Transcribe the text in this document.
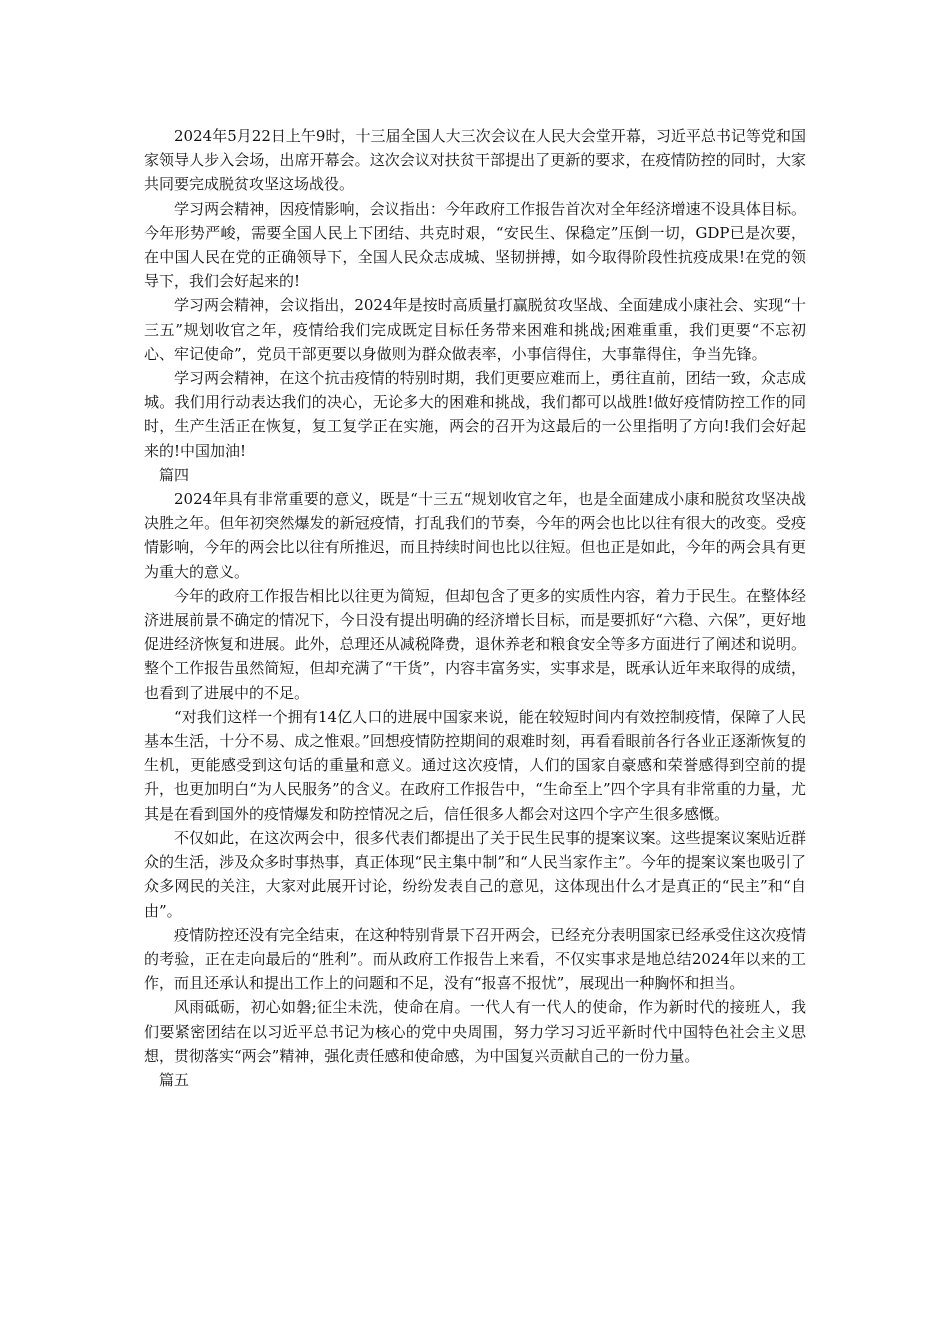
2024年5月22日上午9时，十三届全国人大三次会议在人民大会堂开幕，习近平总书记等党和国家领导人步入会场，出席开幕会。这次会议对扶贫干部提出了更新的要求，在疫情防控的同时，大家共同要完成脱贫攻坚这场战役。

学习两会精神，因疫情影响，会议指出：今年政府工作报告首次对全年经济增速不设具体目标。今年形势严峻，需要全国人民上下团结、共克时艰，“安民生、保稳定”压倒一切，GDP已是次要，在中国人民在党的正确领导下，全国人民众志成城、坚韧拼搏，如今取得阶段性抗疫成果!在党的领导下，我们会好起来的!

学习两会精神，会议指出，2024年是按时高质量打赢脱贫攻坚战、全面建成小康社会、实现“十三五”规划收官之年，疫情给我们完成既定目标任务带来困难和挑战;困难重重，我们更要“不忘初心、牢记使命”，党员干部更要以身做则为群众做表率，小事信得住，大事靠得住，争当先锋。

学习两会精神，在这个抗击疫情的特别时期，我们更要应难而上，勇往直前，团结一致，众志成城。我们用行动表达我们的决心，无论多大的困难和挑战，我们都可以战胜!做好疫情防控工作的同时，生产生活正在恢复，复工复学正在实施，两会的召开为这最后的一公里指明了方向!我们会好起来的!中国加油!

篇四

2024年具有非常重要的意义，既是“十三五“规划收官之年，也是全面建成小康和脱贫攻坚决战决胜之年。但年初突然爆发的新冠疫情，打乱我们的节奏，今年的两会也比以往有很大的改变。受疫情影响，今年的两会比以往有所推迟，而且持续时间也比以往短。但也正是如此，今年的两会具有更为重大的意义。

今年的政府工作报告相比以往更为简短，但却包含了更多的实质性内容，着力于民生。在整体经济进展前景不确定的情况下，今日没有提出明确的经济增长目标，而是要抓好“六稳、六保”，更好地促进经济恢复和进展。此外，总理还从减税降费，退休养老和粮食安全等多方面进行了阐述和说明。整个工作报告虽然简短，但却充满了“干货”，内容丰富务实，实事求是，既承认近年来取得的成绩，也看到了进展中的不足。

“对我们这样一个拥有14亿人口的进展中国家来说，能在较短时间内有效控制疫情，保障了人民基本生活，十分不易、成之惟艰。”回想疫情防控期间的艰难时刻，再看看眼前各行各业正逐渐恢复的生机，更能感受到这句话的重量和意义。通过这次疫情，人们的国家自豪感和荣誉感得到空前的提升，也更加明白“为人民服务”的含义。在政府工作报告中，“生命至上”四个字具有非常重的力量，尤其是在看到国外的疫情爆发和防控情况之后，信任很多人都会对这四个字产生很多感慨。

不仅如此，在这次两会中，很多代表们都提出了关于民生民事的提案议案。这些提案议案贴近群众的生活，涉及众多时事热事，真正体现“民主集中制”和“人民当家作主”。今年的提案议案也吸引了众多网民的关注，大家对此展开讨论，纷纷发表自己的意见，这体现出什么才是真正的“民主”和“自由”。

疫情防控还没有完全结束，在这种特别背景下召开两会，已经充分表明国家已经承受住这次疫情的考验，正在走向最后的“胜利”。而从政府工作报告上来看，不仅实事求是地总结2024年以来的工作，而且还承认和提出工作上的问题和不足，没有“报喜不报忧”，展现出一种胸怀和担当。

风雨砥砺，初心如磐;征尘未洗，使命在肩。一代人有一代人的使命，作为新时代的接班人，我们要紧密团结在以习近平总书记为核心的党中央周围，努力学习习近平新时代中国特色社会主义思想，贯彻落实“两会”精神，强化责任感和使命感，为中国复兴贡献自己的一份力量。

篇五
